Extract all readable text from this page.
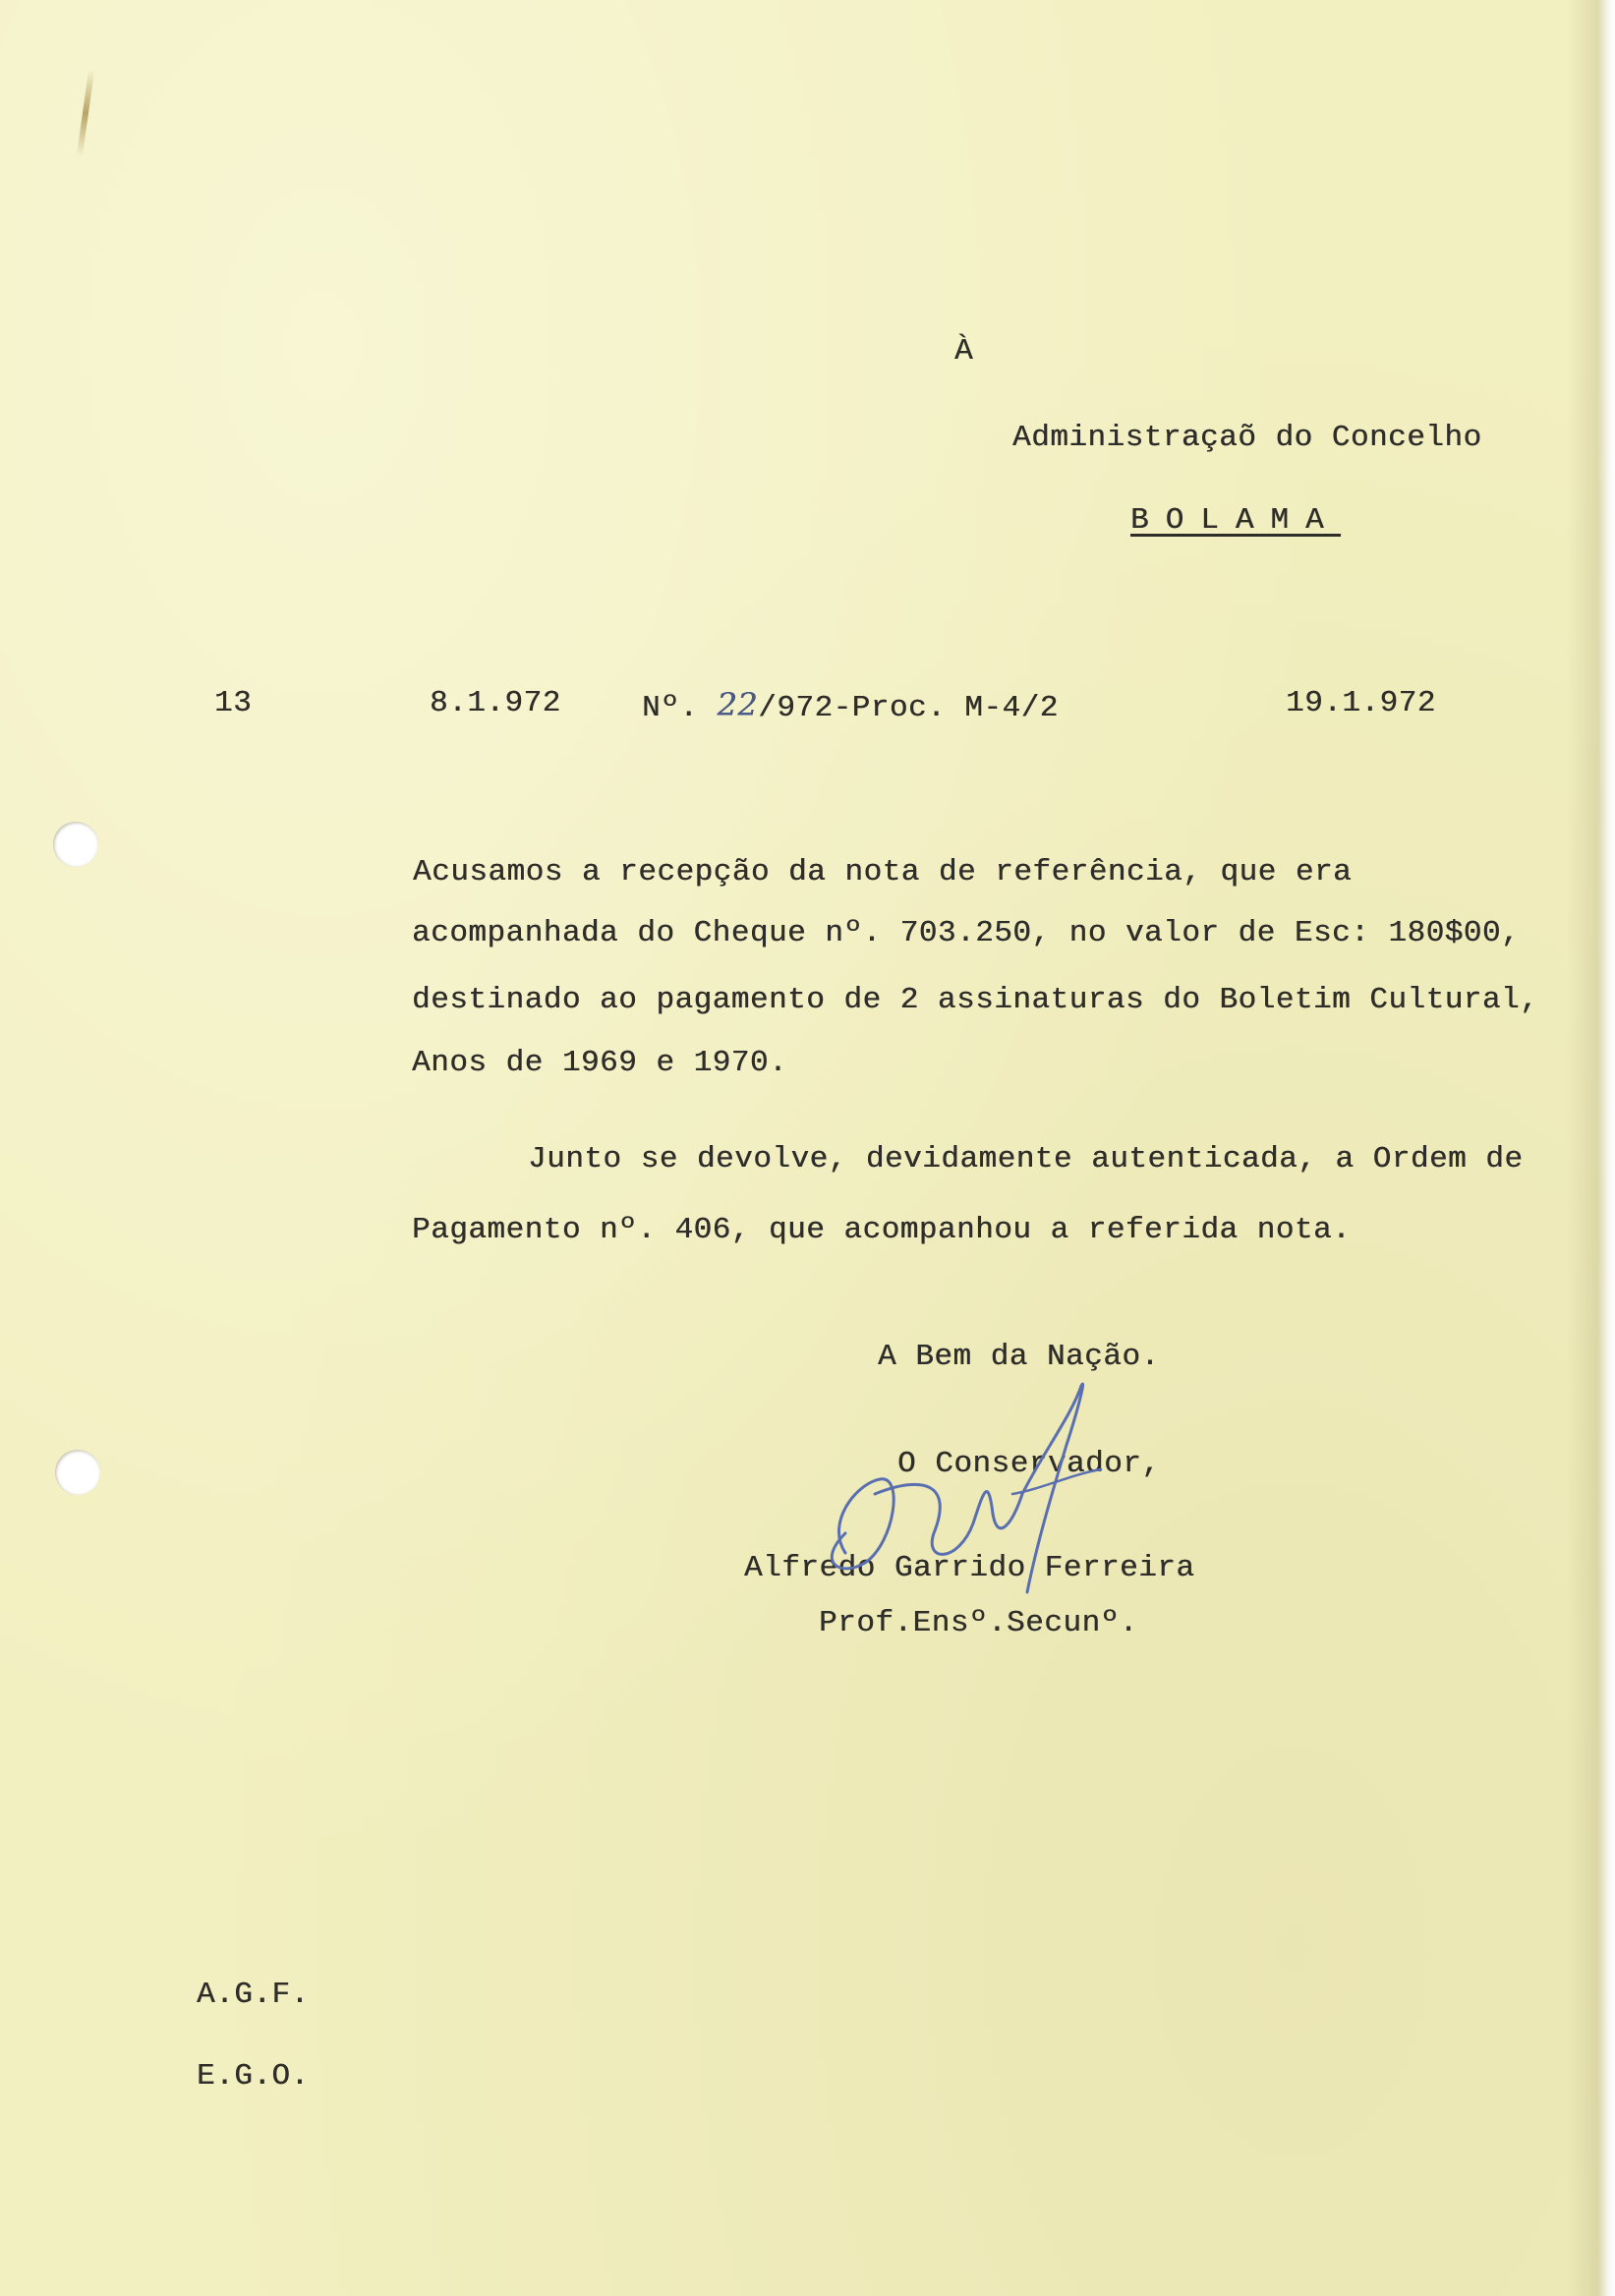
À
Administraçaõ do Concelho
BOLAMA
13	8.1.972	Nº. 22/972-Proc. M-4/2	19.1.972
Acusamos a recepção da nota de referência, que era
acompanhada do Cheque nº. 703.250, no valor de Esc: 180$00,
destinado ao pagamento de 2 assinaturas do Boletim Cultural,
Anos de 1969 e 1970.
Junto se devolve, devidamente autenticada, a Ordem de
Pagamento nº. 406, que acompanhou a referida nota.
A Bem da Nação.
O Conservador,
Alfredo Garrido Ferreira
Prof.Ensº.Secunº.
A.G.F.
E.G.O.
